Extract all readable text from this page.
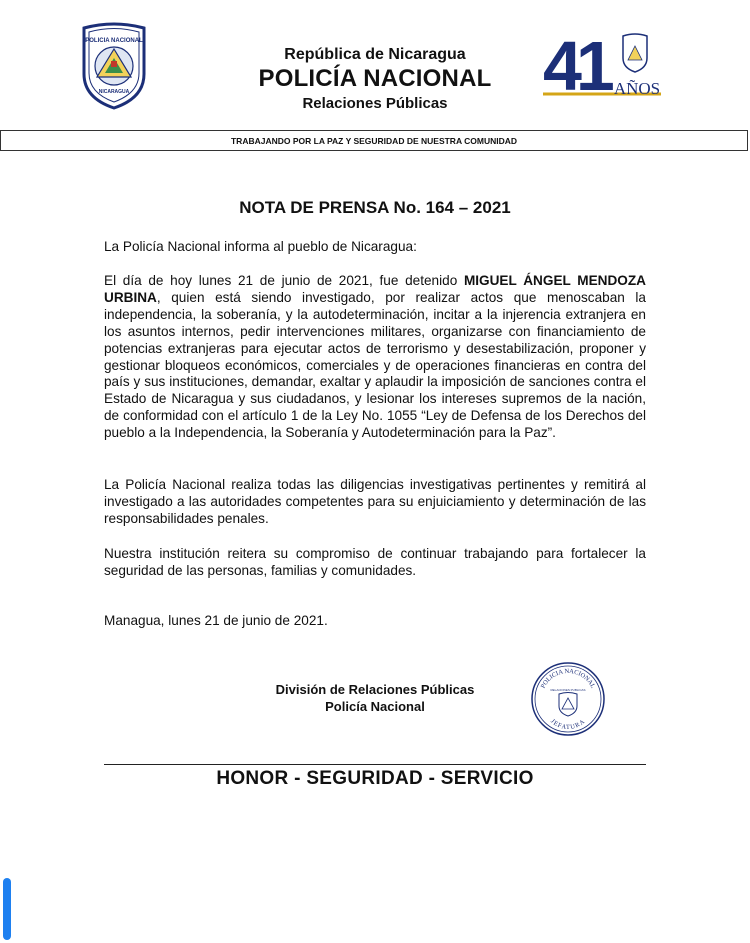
POLICIA NACIONAL
NICARAGUA
República de Nicaragua
POLICÍA NACIONAL
Relaciones Públicas	41 AÑOS
TRABAJANDO POR LA PAZ Y SEGURIDAD DE NUESTRA COMUNIDAD
NOTA DE PRENSA No. 164 – 2021
La Policía Nacional informa al pueblo de Nicaragua:
El día de hoy lunes 21 de junio de 2021, fue detenido MIGUEL ÁNGEL MENDOZA URBINA, quien está siendo investigado, por realizar actos que menoscaban la independencia, la soberanía, y la autodeterminación, incitar a la injerencia extranjera en los asuntos internos, pedir intervenciones militares, organizarse con financiamiento de potencias extranjeras para ejecutar actos de terrorismo y desestabilización, proponer y gestionar bloqueos económicos, comerciales y de operaciones financieras en contra del país y sus instituciones, demandar, exaltar y aplaudir la imposición de sanciones contra el Estado de Nicaragua y sus ciudadanos, y lesionar los intereses supremos de la nación, de conformidad con el artículo 1 de la Ley No. 1055 “Ley de Defensa de los Derechos del pueblo a la Independencia, la Soberanía y Autodeterminación para la Paz”.
La Policía Nacional realiza todas las diligencias investigativas pertinentes y remitirá al investigado a las autoridades competentes para su enjuiciamiento y determinación de las responsabilidades penales.
Nuestra institución reitera su compromiso de continuar trabajando para fortalecer la seguridad de las personas, familias y comunidades.
Managua, lunes 21 de junio de 2021.
División de Relaciones Públicas
Policía Nacional
POLICIA NACIONAL
JEFATURA
RELACIONES PUBLICAS
HONOR - SEGURIDAD - SERVICIO
